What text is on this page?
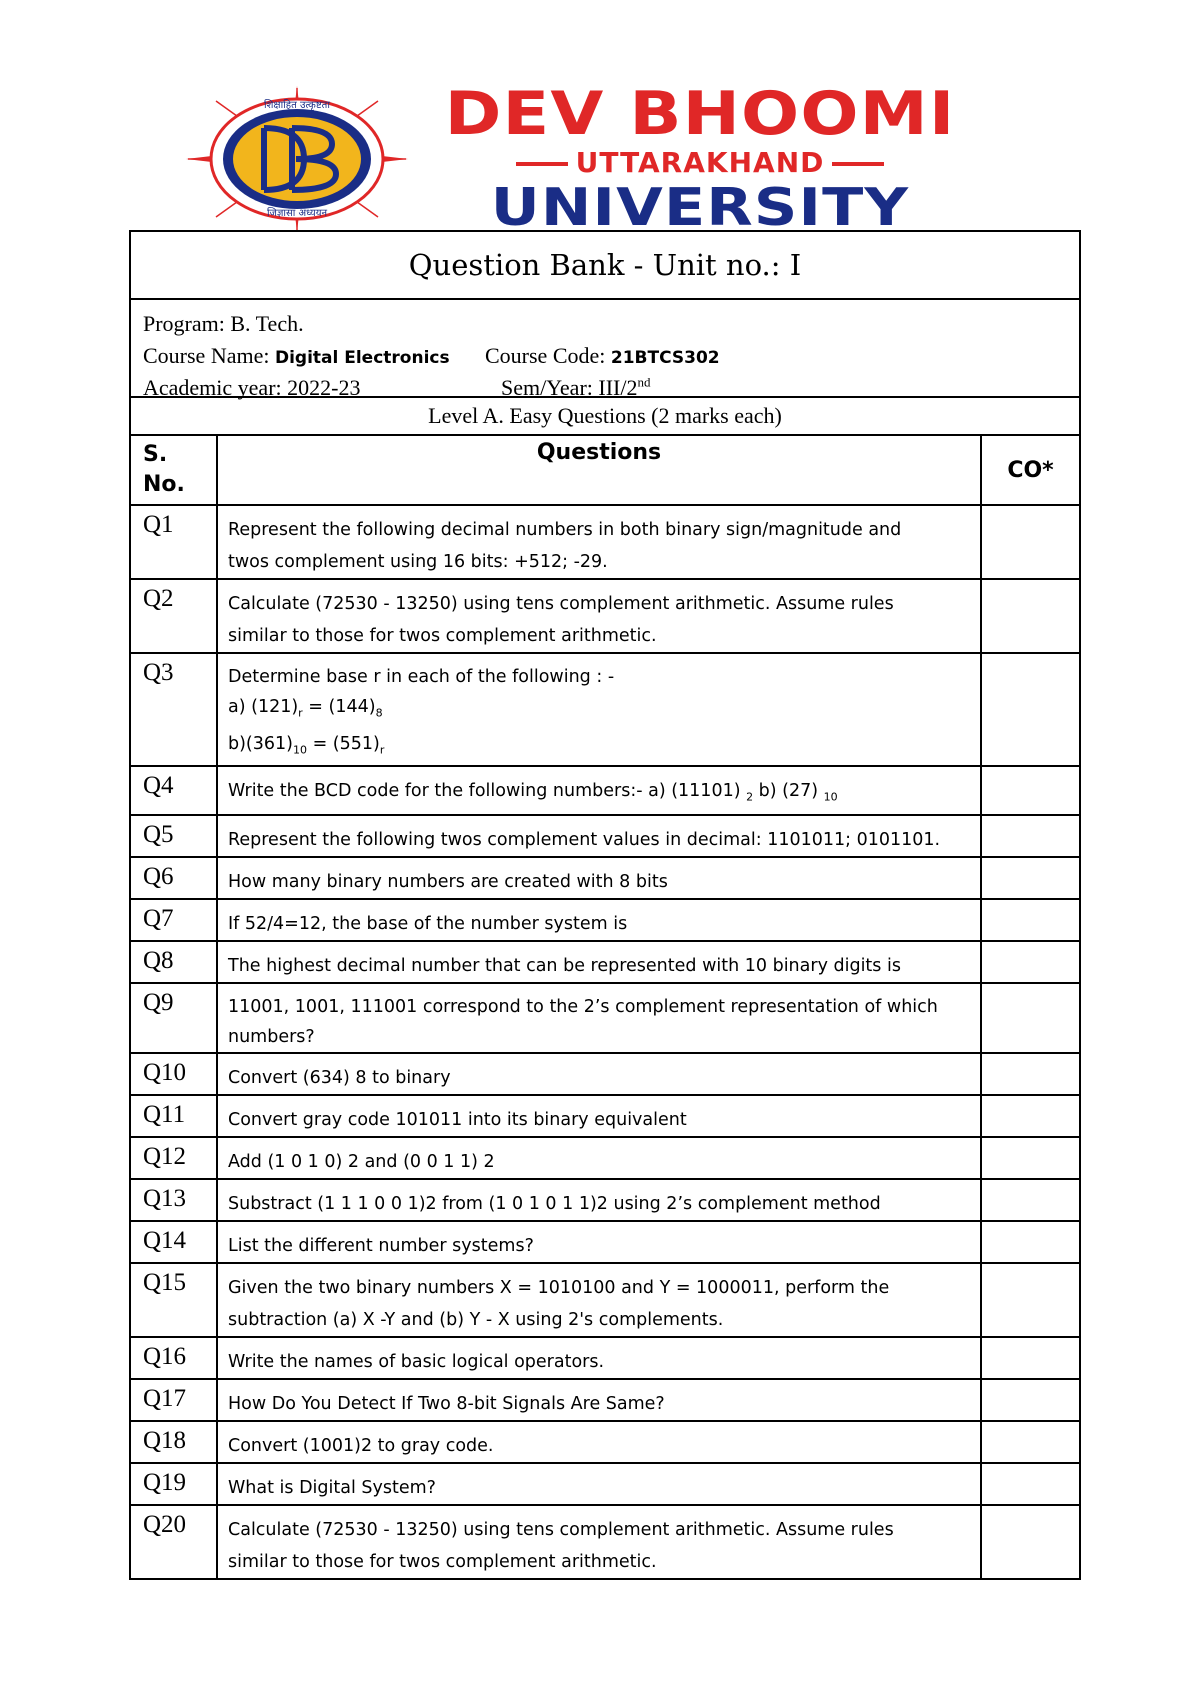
शिक्षाहित उत्कृष्टता
जिज्ञासा अध्ययन
DEV BHOOMI
UTTARAKHAND
UNIVERSITY
Question Bank - Unit no.: I
Program: B. Tech.
Course Name: Digital Electronics Course Code: 21BTCS302
Academic year: 2022-23	Sem/Year: III/2nd
Level A. Easy Questions (2 marks each)
S.
No.	Questions	CO*
Q1	Represent the following decimal numbers in both binary sign/magnitude and
twos complement using 16 bits: +512; -29.	

Q2	Calculate (72530 - 13250) using tens complement arithmetic. Assume rules
similar to those for twos complement arithmetic.	

Q3	Determine base r in each of the following : -
a) $(121)_r = (144)_8$
$b)(361)_{10} = (551)_r$

Q4	Write the BCD code for the following numbers:- a) (11101) $_2$ b) (27) $_{10}$	
Q5	Represent the following twos complement values in decimal: 1101011; 0101101.	

Q6	How many binary numbers are created with 8 bits	

Q7	If 52/4=12, the base of the number system is	

Q8	The highest decimal number that can be represented with 10 binary digits is	

Q9	11001, 1001, 111001 correspond to the 2’s complement representation of which
numbers?	

Q10	Convert (634) 8 to binary	

Q11	Convert gray code 101011 into its binary equivalent	

Q12	Add (1 0 1 0) 2 and (0 0 1 1) 2	

Q13	Substract (1 1 1 0 0 1)2 from (1 0 1 0 1 1)2 using 2’s complement method	

Q14	List the different number systems?	

Q15	Given the two binary numbers X = 1010100 and Y = 1000011, perform the
subtraction (a) X -Y and (b) Y - X using 2's complements.	

Q16	Write the names of basic logical operators.	

Q17	How Do You Detect If Two 8-bit Signals Are Same?	

Q18	Convert (1001)2 to gray code.	

Q19	What is Digital System?	

Q20	Calculate (72530 - 13250) using tens complement arithmetic. Assume rules
similar to those for twos complement arithmetic.	
